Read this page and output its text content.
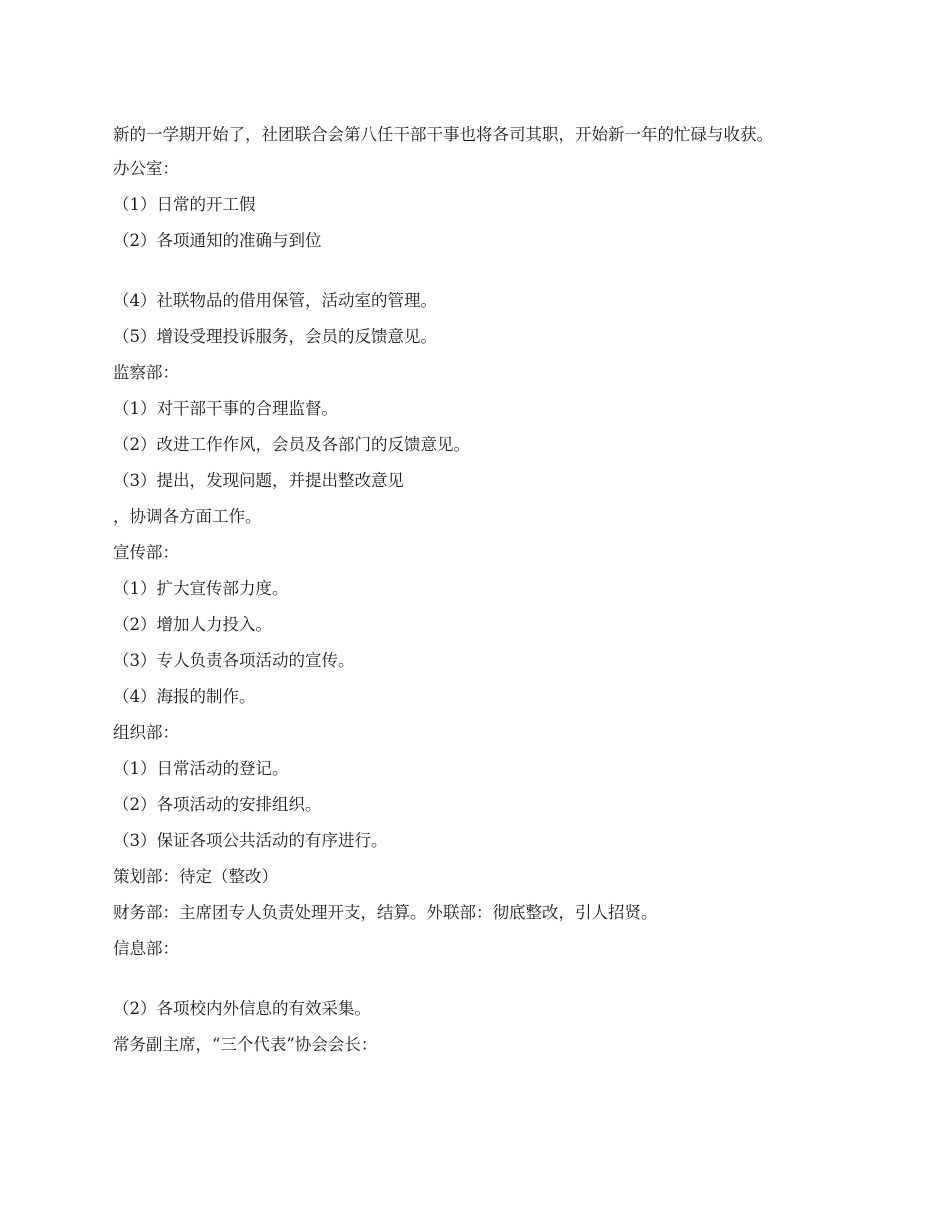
新的一学期开始了，社团联合会第八任干部干事也将各司其职，开始新一年的忙碌与收获。
办公室：
（1）日常的开工假
（2）各项通知的准确与到位
（4）社联物品的借用保管，活动室的管理。
（5）增设受理投诉服务，会员的反馈意见。
监察部：
（1）对干部干事的合理监督。
（2）改进工作作风，会员及各部门的反馈意见。
（3）提出，发现问题，并提出整改意见
，协调各方面工作。
宣传部：
（1）扩大宣传部力度。
（2）增加人力投入。
（3）专人负责各项活动的宣传。
（4）海报的制作。
组织部：
（1）日常活动的登记。
（2）各项活动的安排组织。
（3）保证各项公共活动的有序进行。
策划部：待定（整改）
财务部：主席团专人负责处理开支，结算。外联部：彻底整改，引人招贤。
信息部：
（2）各项校内外信息的有效采集。
常务副主席，“三个代表”协会会长：
